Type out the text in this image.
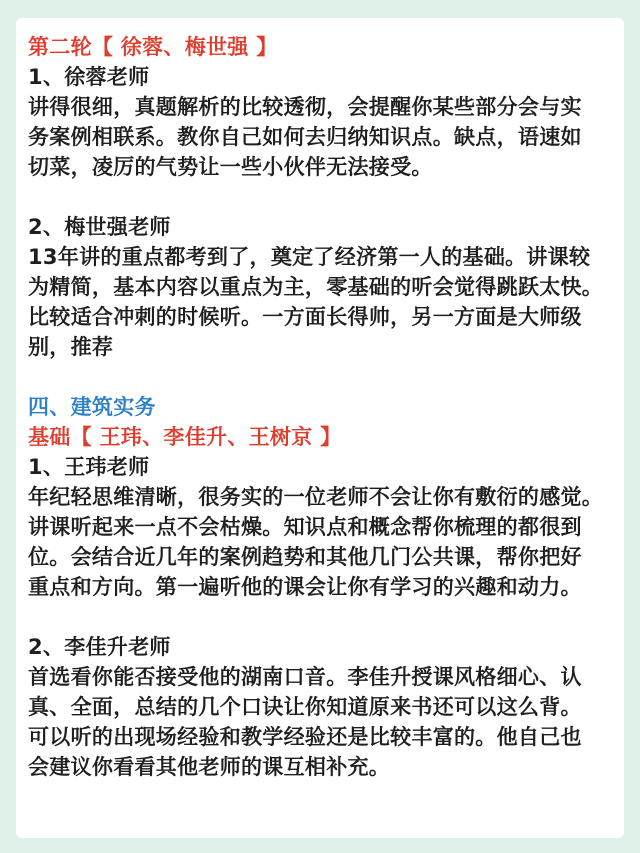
第二轮【 徐蓉、梅世强 】
1、徐蓉老师
讲得很细，真题解析的比较透彻，会提醒你某些部分会与实
务案例相联系。教你自己如何去归纳知识点。缺点，语速如
切菜，凌厉的气势让一些小伙伴无法接受。
2、梅世强老师
13年讲的重点都考到了，奠定了经济第一人的基础。讲课较
为精简，基本内容以重点为主，零基础的听会觉得跳跃太快。
比较适合冲刺的时候听。一方面长得帅，另一方面是大师级
别，推荐
四、建筑实务
基础【 王玮、李佳升、王树京 】
1、王玮老师
年纪轻思维清晰，很务实的一位老师不会让你有敷衍的感觉。
讲课听起来一点不会枯燥。知识点和概念帮你梳理的都很到
位。会结合近几年的案例趋势和其他几门公共课，帮你把好
重点和方向。第一遍听他的课会让你有学习的兴趣和动力。
2、李佳升老师
首选看你能否接受他的湖南口音。李佳升授课风格细心、认
真、全面，总结的几个口诀让你知道原来书还可以这么背。
可以听的出现场经验和教学经验还是比较丰富的。他自己也
会建议你看看其他老师的课互相补充。
